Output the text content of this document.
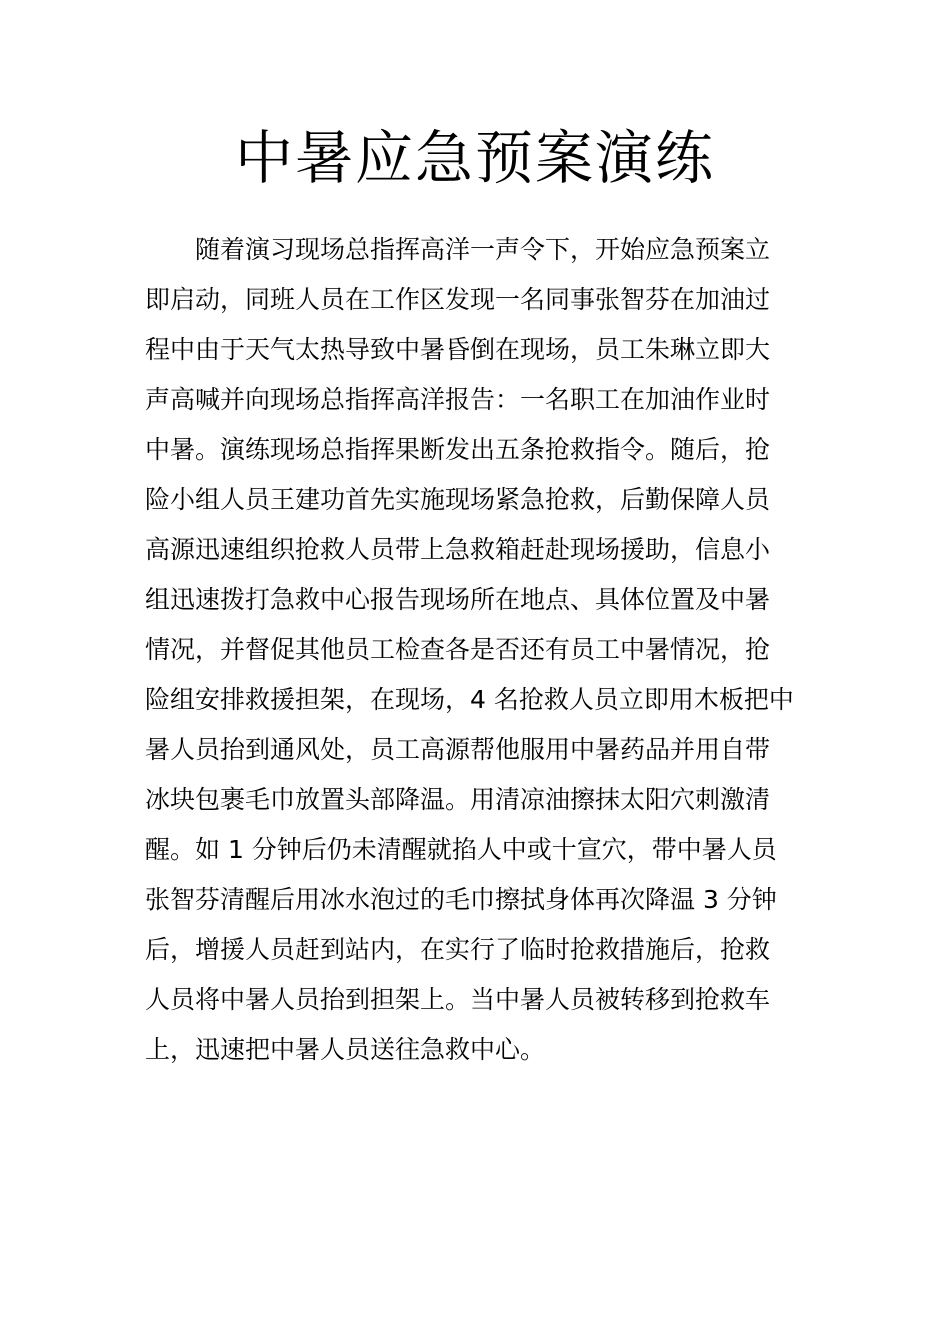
中暑应急预案演练
　　随着演习现场总指挥高洋一声令下，开始应急预案立
即启动，同班人员在工作区发现一名同事张智芬在加油过
程中由于天气太热导致中暑昏倒在现场，员工朱琳立即大
声高喊并向现场总指挥高洋报告：一名职工在加油作业时
中暑。演练现场总指挥果断发出五条抢救指令。随后，抢
险小组人员王建功首先实施现场紧急抢救，后勤保障人员
高源迅速组织抢救人员带上急救箱赶赴现场援助，信息小
组迅速拨打急救中心报告现场所在地点、具体位置及中暑
情况，并督促其他员工检查各是否还有员工中暑情况，抢
险组安排救援担架，在现场，4 名抢救人员立即用木板把中
暑人员抬到通风处，员工高源帮他服用中暑药品并用自带
冰块包裹毛巾放置头部降温。用清凉油擦抹太阳穴刺激清
醒。如 1 分钟后仍未清醒就掐人中或十宣穴，带中暑人员
张智芬清醒后用冰水泡过的毛巾擦拭身体再次降温 3 分钟
后，增援人员赶到站内，在实行了临时抢救措施后，抢救
人员将中暑人员抬到担架上。当中暑人员被转移到抢救车
上，迅速把中暑人员送往急救中心。
